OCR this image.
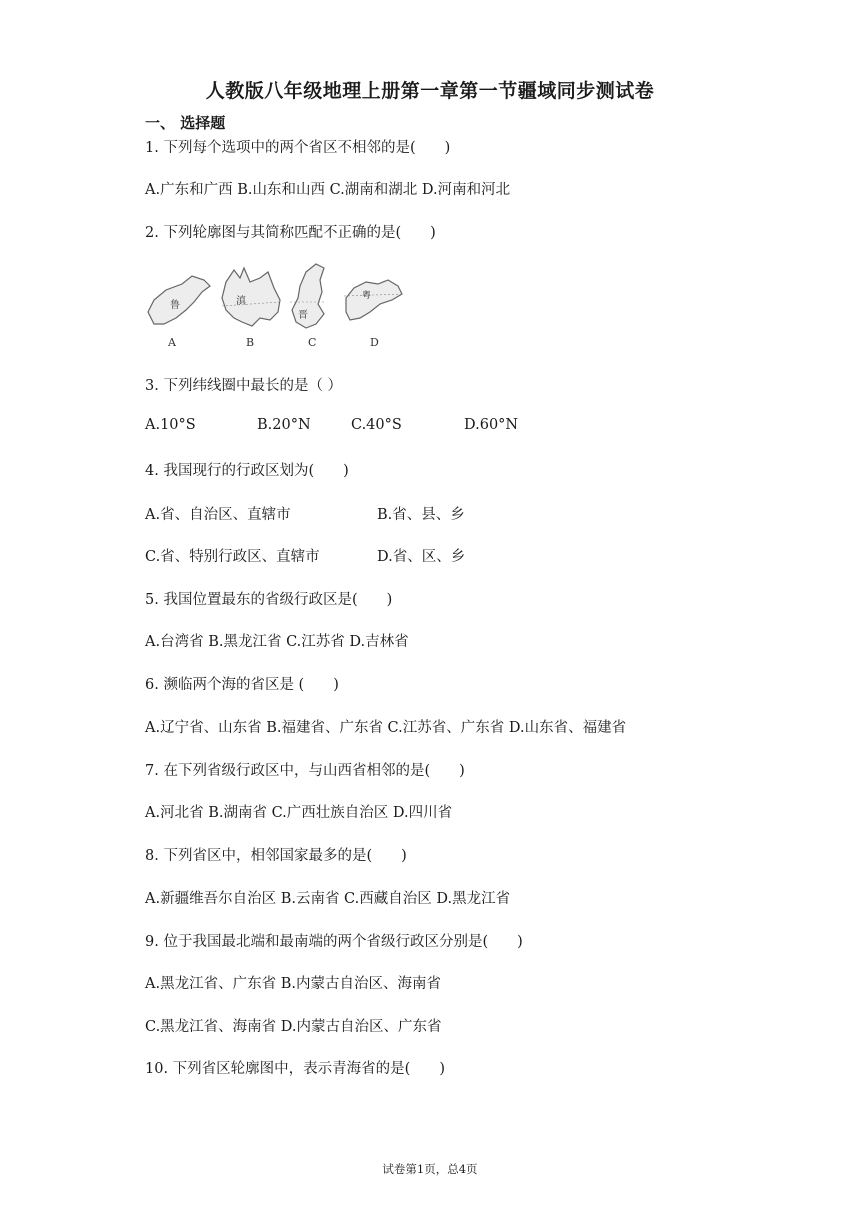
人教版八年级地理上册第一章第一节疆域同步测试卷
一、 选择题
1. 下列每个选项中的两个省区不相邻的是(　　)
A.广东和广西 B.山东和山西 C.湖南和湖北 D.河南和河北
2. 下列轮廓图与其简称匹配不正确的是(　　)
鲁
A
滇
B
晋
C
粤
D
3. 下列纬线圈中最长的是（ ）
A.10°S	B.20°N	C.40°S	D.60°N
4. 我国现行的行政区划为(　　)
A.省、自治区、直辖市	B.省、县、乡
C.省、特别行政区、直辖市	D.省、区、乡
5. 我国位置最东的省级行政区是(　　)
A.台湾省 B.黑龙江省 C.江苏省 D.吉林省
6. 濒临两个海的省区是 (　　)
A.辽宁省、山东省 B.福建省、广东省 C.江苏省、广东省 D.山东省、福建省
7. 在下列省级行政区中，与山西省相邻的是(　　)
A.河北省 B.湖南省 C.广西壮族自治区 D.四川省
8. 下列省区中，相邻国家最多的是(　　)
A.新疆维吾尔自治区 B.云南省 C.西藏自治区 D.黑龙江省
9. 位于我国最北端和最南端的两个省级行政区分别是(　　)
A.黑龙江省、广东省 B.内蒙古自治区、海南省
C.黑龙江省、海南省 D.内蒙古自治区、广东省
10. 下列省区轮廓图中，表示青海省的是(　　)
试卷第1页，总4页
